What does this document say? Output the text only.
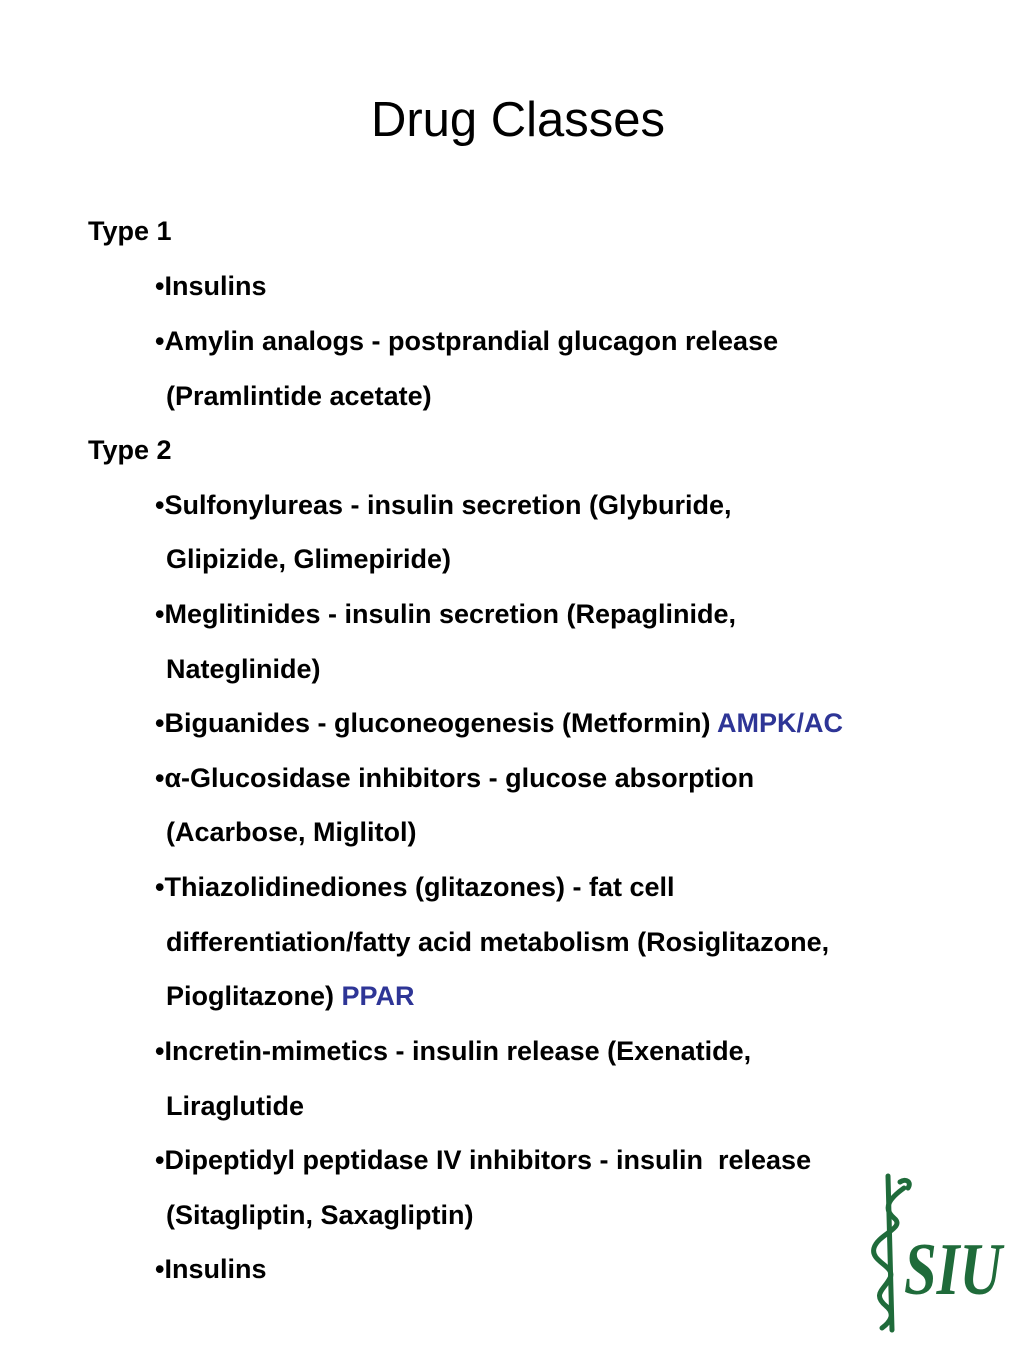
Drug Classes
Type 1
•Insulins
•Amylin analogs - postprandial glucagon release
(Pramlintide acetate)
Type 2
•Sulfonylureas - insulin secretion (Glyburide,
Glipizide, Glimepiride)
•Meglitinides - insulin secretion (Repaglinide,
Nateglinide)
•Biguanides - gluconeogenesis (Metformin) AMPK/AC
•α-Glucosidase inhibitors - glucose absorption
(Acarbose, Miglitol)
•Thiazolidinediones (glitazones) - fat cell
differentiation/fatty acid metabolism (Rosiglitazone,
Pioglitazone) PPAR
•Incretin-mimetics - insulin release (Exenatide,
Liraglutide
•Dipeptidyl peptidase IV inhibitors - insulin  release
(Sitagliptin, Saxagliptin)
•Insulins	SIU
